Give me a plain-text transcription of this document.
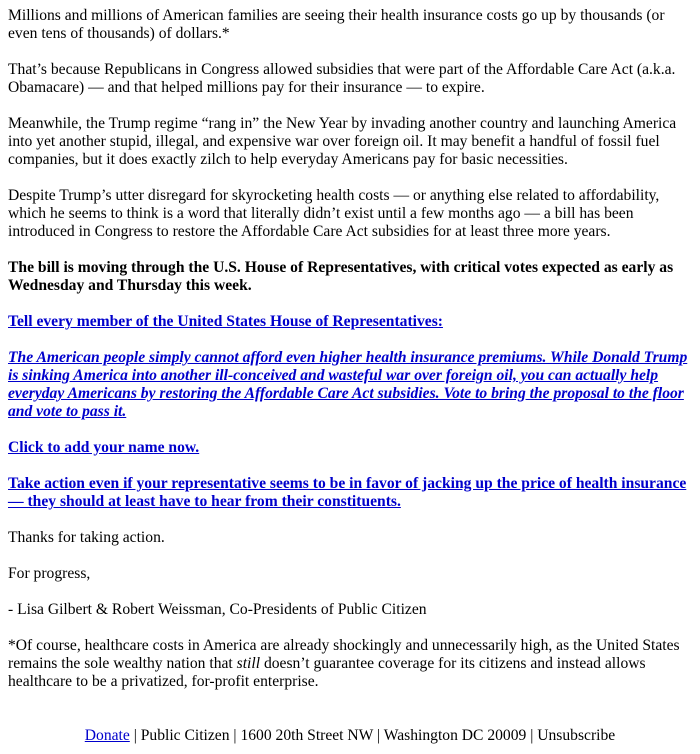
Millions and millions of American families are seeing their health insurance costs go up by thousands (or even tens of thousands) of dollars.*

That’s because Republicans in Congress allowed subsidies that were part of the Affordable Care Act (a.k.a. Obamacare) — and that helped millions pay for their insurance — to expire.

Meanwhile, the Trump regime “rang in” the New Year by invading another country and launching America into yet another stupid, illegal, and expensive war over foreign oil. It may benefit a handful of fossil fuel companies, but it does exactly zilch to help everyday Americans pay for basic necessities.

Despite Trump’s utter disregard for skyrocketing health costs — or anything else related to affordability, which he seems to think is a word that literally didn’t exist until a few months ago — a bill has been introduced in Congress to restore the Affordable Care Act subsidies for at least three more years.

The bill is moving through the U.S. House of Representatives, with critical votes expected as early as Wednesday and Thursday this week.

Tell every member of the United States House of Representatives:

The American people simply cannot afford even higher health insurance premiums. While Donald Trump is sinking America into another ill-conceived and wasteful war over foreign oil, you can actually help everyday Americans by restoring the Affordable Care Act subsidies. Vote to bring the proposal to the floor and vote to pass it.

Click to add your name now.

Take action even if your representative seems to be in favor of jacking up the price of health insurance — they should at least have to hear from their constituents.

Thanks for taking action.

For progress,

- Lisa Gilbert & Robert Weissman, Co-Presidents of Public Citizen

*Of course, healthcare costs in America are already shockingly and unnecessarily high, as the United States remains the sole wealthy nation that still doesn’t guarantee coverage for its citizens and instead allows healthcare to be a privatized, for-profit enterprise.

Donate | Public Citizen | 1600 20th Street NW | Washington DC 20009 | Unsubscribe
